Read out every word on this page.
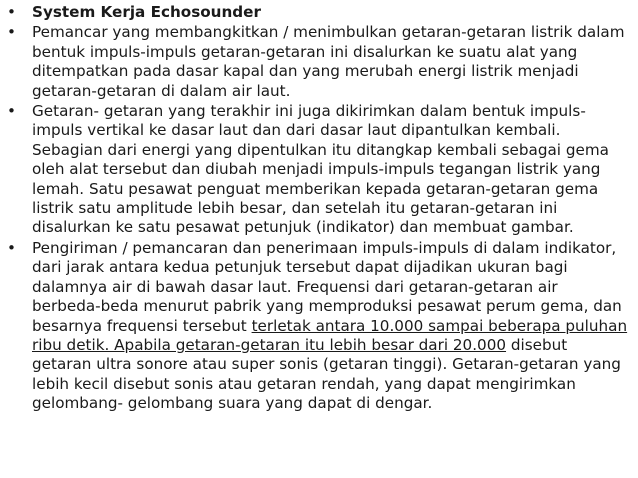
•	System Kerja Echosounder
•	Pemancar yang membangkitkan / menimbulkan getaran-getaran listrik dalam bentuk impuls-impuls getaran-getaran ini disalurkan ke suatu alat yang ditempatkan pada dasar kapal dan yang merubah energi listrik menjadi getaran-getaran di dalam air laut.
•	Getaran- getaran yang terakhir ini juga dikirimkan dalam bentuk impuls-impuls vertikal ke dasar laut dan dari dasar laut dipantulkan kembali. Sebagian dari energi yang dipentulkan itu ditangkap kembali sebagai gema oleh alat tersebut dan diubah menjadi impuls-impuls tegangan listrik yang lemah. Satu pesawat penguat memberikan kepada getaran-getaran gema listrik satu amplitude lebih besar, dan setelah itu getaran-getaran ini disalurkan ke satu pesawat petunjuk (indikator) dan membuat gambar.
•	Pengiriman / pemancaran dan penerimaan impuls-impuls di dalam indikator, dari jarak antara kedua petunjuk tersebut dapat dijadikan ukuran bagi dalamnya air di bawah dasar laut. Frequensi dari getaran-getaran air berbeda-beda menurut pabrik yang memproduksi pesawat perum gema, dan besarnya frequensi tersebut terletak antara 10.000 sampai beberapa puluhan ribu detik. Apabila getaran-getaran itu lebih besar dari 20.000 disebut getaran ultra sonore atau super sonis (getaran tinggi). Getaran-getaran yang lebih kecil disebut sonis atau getaran rendah, yang dapat mengirimkan gelombang- gelombang suara yang dapat di dengar.
